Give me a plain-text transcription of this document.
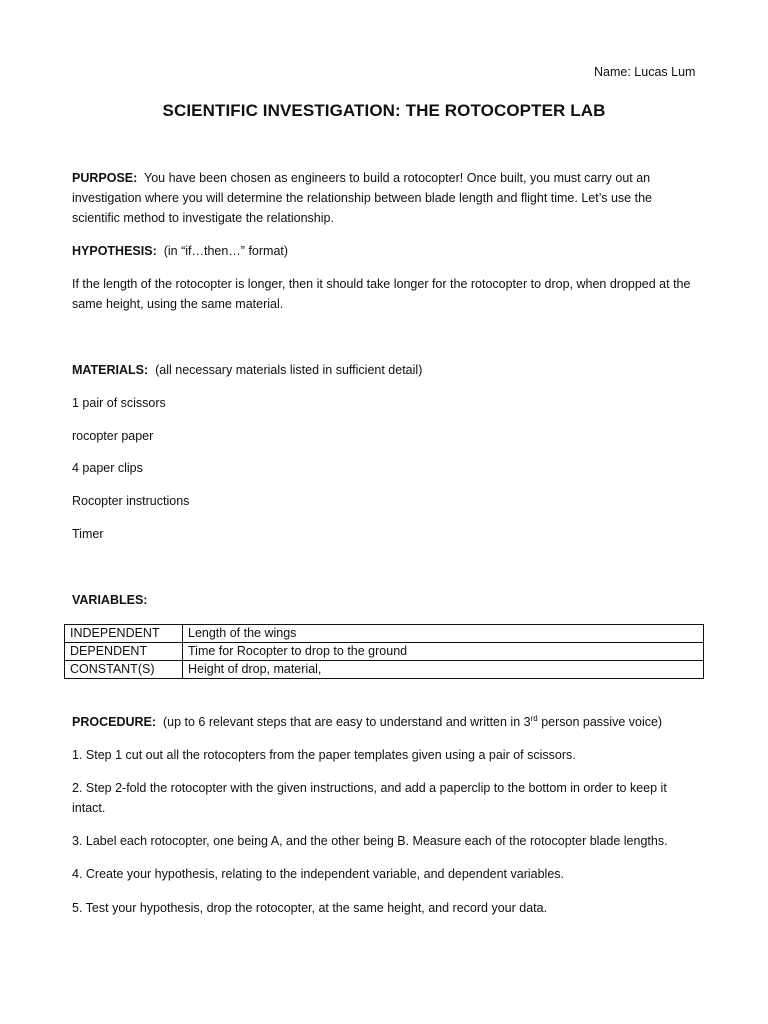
Name: Lucas Lum
SCIENTIFIC INVESTIGATION: THE ROTOCOPTER LAB
PURPOSE: You have been chosen as engineers to build a rotocopter! Once built, you must carry out an investigation where you will determine the relationship between blade length and flight time. Let’s use the scientific method to investigate the relationship.
HYPOTHESIS: (in “if…then…” format)
If the length of the rotocopter is longer, then it should take longer for the rotocopter to drop, when dropped at the same height, using the same material.
MATERIALS: (all necessary materials listed in sufficient detail)
1 pair of scissors
rocopter paper
4 paper clips
Rocopter instructions
Timer
VARIABLES:
INDEPENDENT	Length of the wings
DEPENDENT	Time for Rocopter to drop to the ground
CONSTANT(S)	Height of drop, material,
PROCEDURE: (up to 6 relevant steps that are easy to understand and written in 3rd person passive voice)
1. Step 1 cut out all the rotocopters from the paper templates given using a pair of scissors.
2. Step 2-fold the rotocopter with the given instructions, and add a paperclip to the bottom in order to keep it intact.
3. Label each rotocopter, one being A, and the other being B. Measure each of the rotocopter blade lengths.
4. Create your hypothesis, relating to the independent variable, and dependent variables.
5. Test your hypothesis, drop the rotocopter, at the same height, and record your data.
